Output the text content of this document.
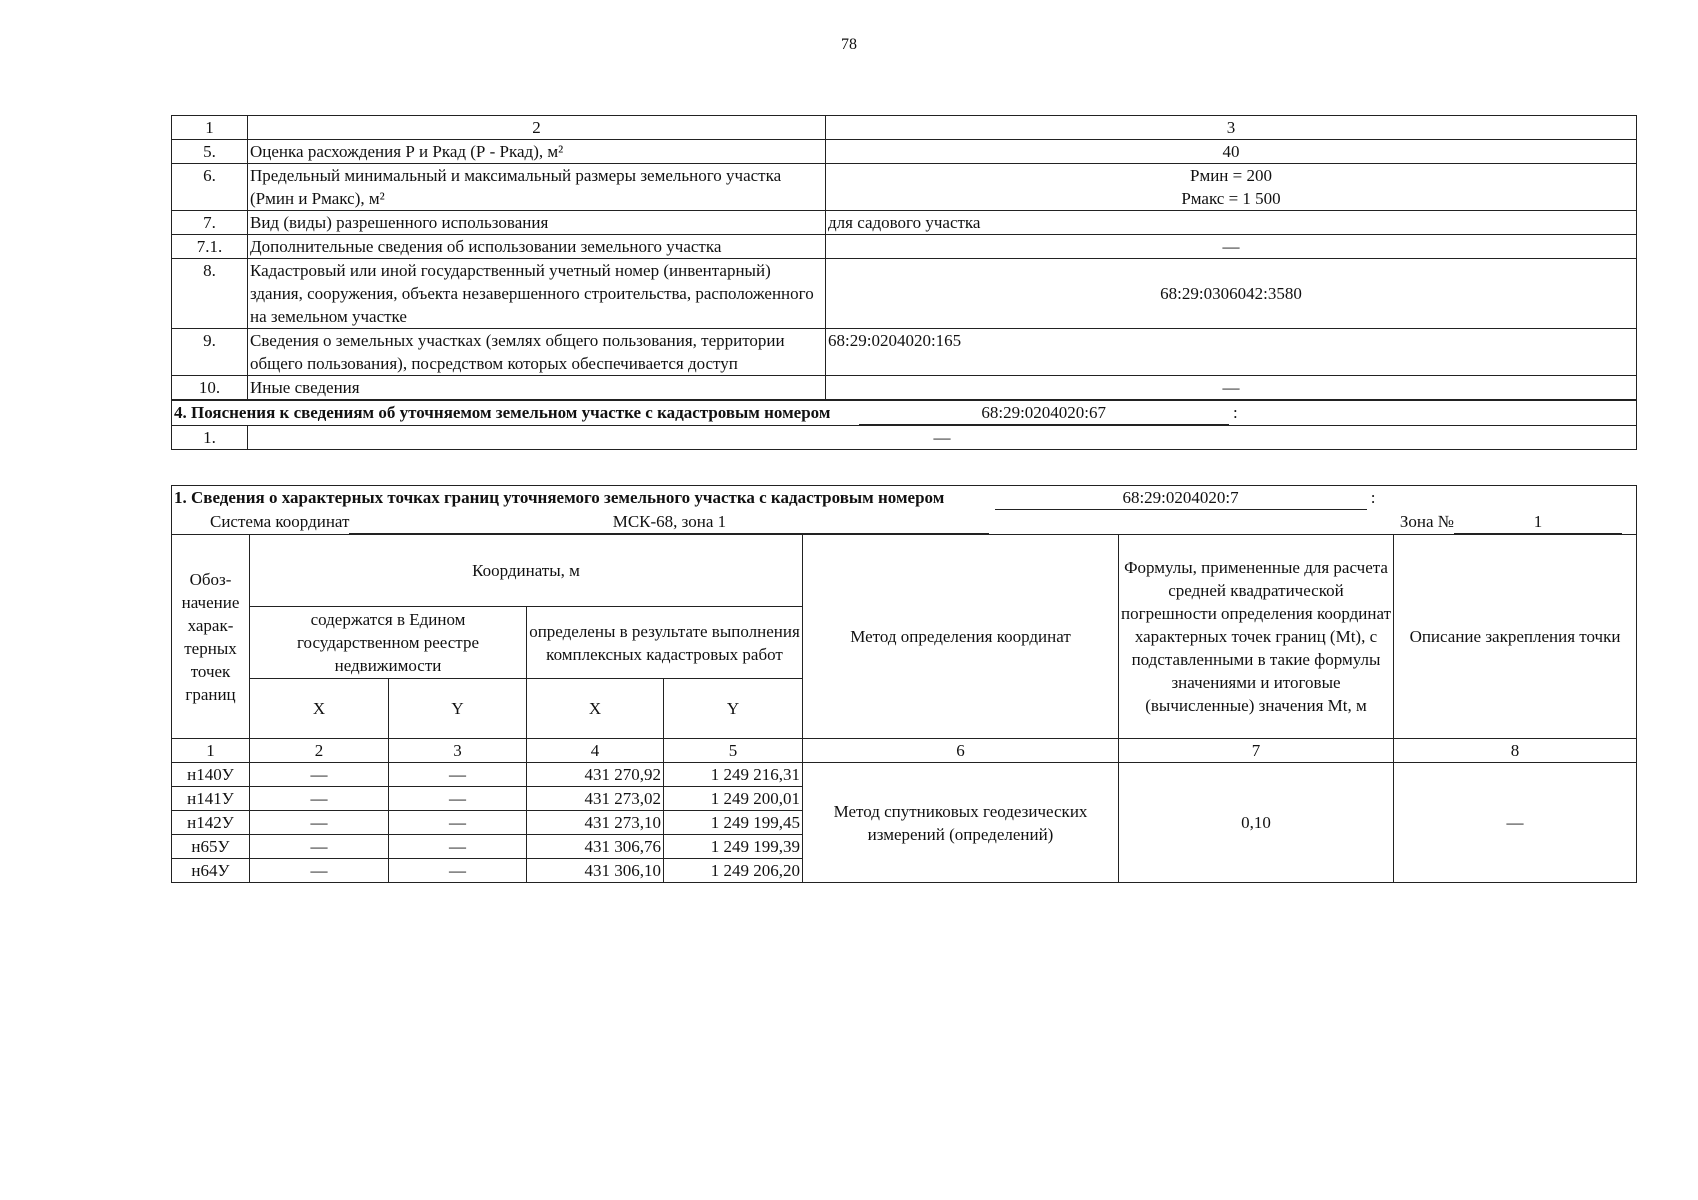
78
1	2	3
5.	Оценка расхождения Р и Ркад (Р - Ркад), м²	40
6.	Предельный минимальный и максимальный размеры земельного участка (Рмин и Рмакс), м²	Рмин = 200
Рмакс = 1 500

7.	Вид (виды) разрешенного использования	для садового участка
7.1.	Дополнительные сведения об использовании земельного участка	—
8.	Кадастровый или иной государственный учетный номер (инвентарный) здания, сооружения, объекта незавершенного строительства, расположенного на земельном участке	68:29:0306042:3580
9.	Сведения о земельных участках (землях общего пользования, территории общего пользования), посредством которых обеспечивается доступ	68:29:0204020:165
10.	Иные сведения	—
4. Пояснения к сведениям об уточняемом земельном участке с кадастровым номером 68:29:0204020:67 :		
1.	—	
1. Сведения о характерных точках границ уточняемого земельного участка с кадастровым номером 68:29:0204020:7 :							
Система координат МСК-68, зона 1 Зона № 1							

Обоз-начение харак-терных точек границ	Координаты, м				Метод определения координат	Формулы, примененные для расчета средней квадратической погрешности определения координат характерных точек границ (Mt), с подставленными в такие формулы значениями и итоговые (вычисленные) значения Mt, м	Описание закрепления точки
	содержатся в Едином государственном реестре недвижимости		определены в результате выполнения комплексных кадастровых работ				
	X	Y	X	Y			
1	2	3	4	5	6	7	8
н140У	—	—	431 270,92	1 249 216,31	Метод спутниковых геодезических измерений (определений)	0,10	—
н141У	—	—	431 273,02	1 249 200,01			
н142У	—	—	431 273,10	1 249 199,45			
н65У	—	—	431 306,76	1 249 199,39			
н64У	—	—	431 306,10	1 249 206,20			
